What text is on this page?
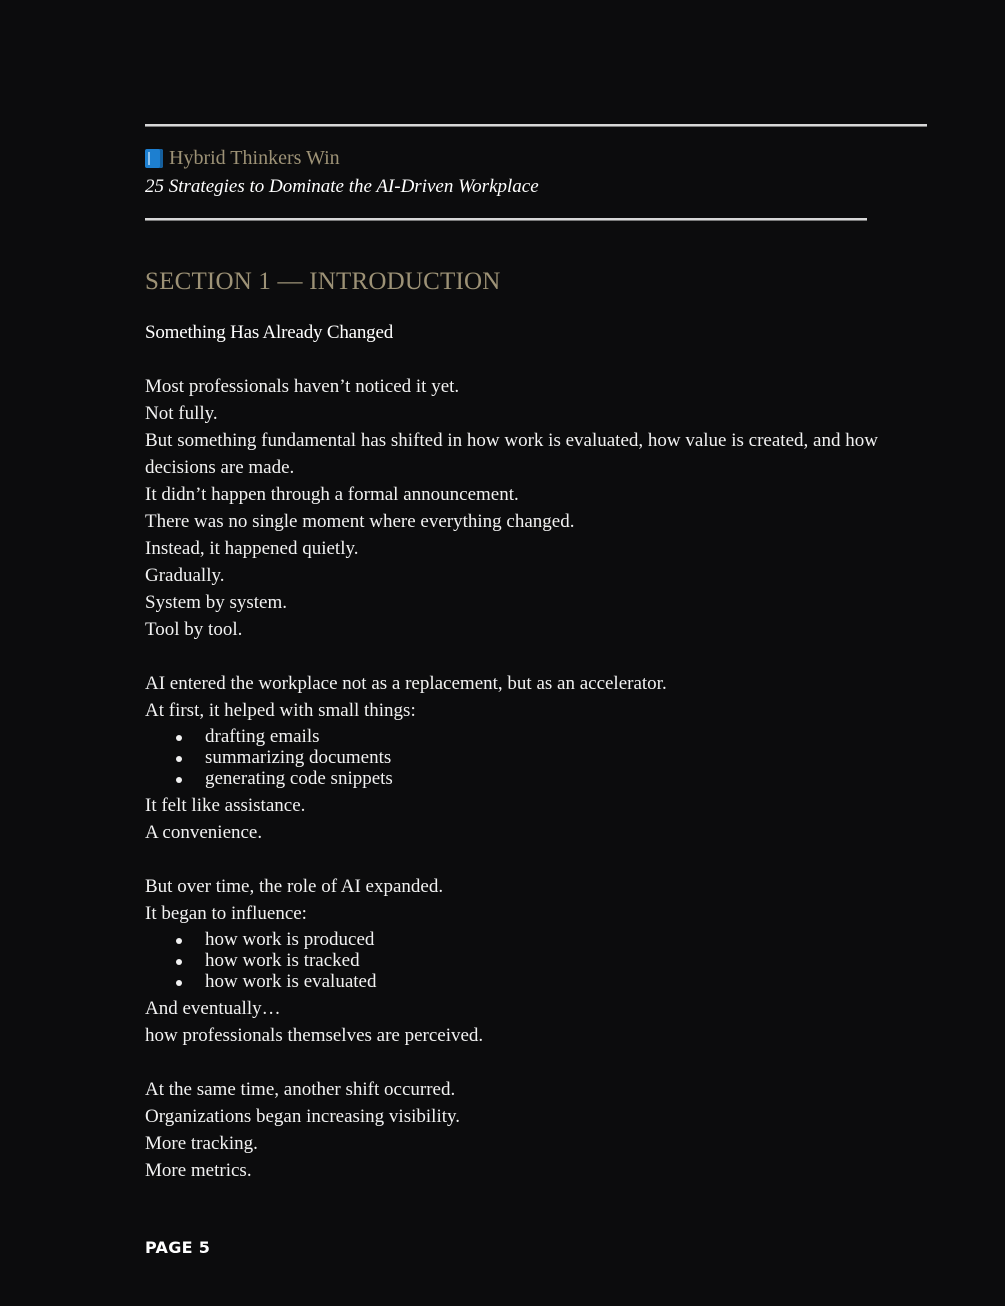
Hybrid Thinkers Win
25 Strategies to Dominate the AI-Driven Workplace
SECTION 1 — INTRODUCTION
Something Has Already Changed
Most professionals haven’t noticed it yet.
Not fully.
But something fundamental has shifted in how work is evaluated, how value is created, and how decisions are made.
It didn’t happen through a formal announcement.
There was no single moment where everything changed.
Instead, it happened quietly.
Gradually.
System by system.
Tool by tool.
AI entered the workplace not as a replacement, but as an accelerator.
At first, it helped with small things:
drafting emails
summarizing documents
generating code snippets
It felt like assistance.
A convenience.
But over time, the role of AI expanded.
It began to influence:
how work is produced
how work is tracked
how work is evaluated
And eventually…
how professionals themselves are perceived.
At the same time, another shift occurred.
Organizations began increasing visibility.
More tracking.
More metrics.
PAGE 5
